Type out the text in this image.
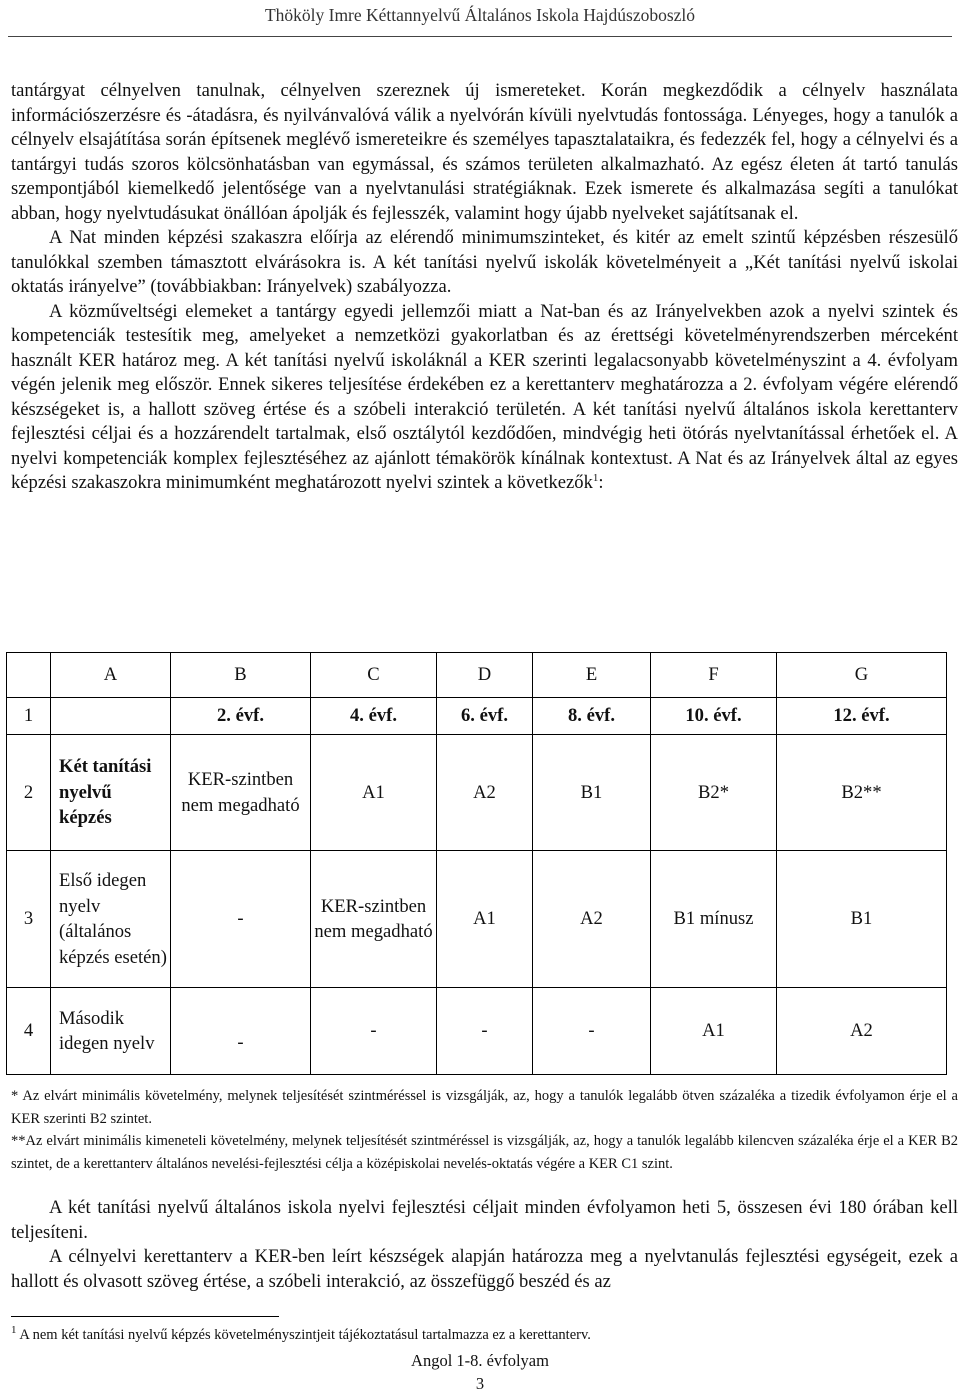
Thököly Imre Kéttannyelvű Általános Iskola Hajdúszoboszló

tantárgyat célnyelven tanulnak, célnyelven szereznek új ismereteket. Korán megkezdődik a célnyelv használata információszerzésre és -átadásra, és nyilvánvalóvá válik a nyelvórán kívüli nyelvtudás fontossága. Lényeges, hogy a tanulók a célnyelv elsajátítása során építsenek meglévő ismereteikre és személyes tapasztalataikra, és fedezzék fel, hogy a célnyelvi és a tantárgyi tudás szoros kölcsönhatásban van egymással, és számos területen alkalmazható. Az egész életen át tartó tanulás szempontjából kiemelkedő jelentősége van a nyelvtanulási stratégiáknak. Ezek ismerete és alkalmazása segíti a tanulókat abban, hogy nyelvtudásukat önállóan ápolják és fejlesszék, valamint hogy újabb nyelveket sajátítsanak el.

A Nat minden képzési szakaszra előírja az elérendő minimumszinteket, és kitér az emelt szintű képzésben részesülő tanulókkal szemben támasztott elvárásokra is. A két tanítási nyelvű iskolák követelményeit a „Két tanítási nyelvű iskolai oktatás irányelve” (továbbiakban: Irányelvek) szabályozza.

A közműveltségi elemeket a tantárgy egyedi jellemzői miatt a Nat-ban és az Irányelvekben azok a nyelvi szintek és kompetenciák testesítik meg, amelyeket a nemzetközi gyakorlatban és az érettségi követelményrendszerben mérceként használt KER határoz meg. A két tanítási nyelvű iskoláknál a KER szerinti legalacsonyabb követelményszint a 4. évfolyam végén jelenik meg először. Ennek sikeres teljesítése érdekében ez a kerettanterv meghatározza a 2. évfolyam végére elérendő készségeket is, a hallott szöveg értése és a szóbeli interakció területén. A két tanítási nyelvű általános iskola kerettanterv fejlesztési céljai és a hozzárendelt tartalmak, első osztálytól kezdődően, mindvégig heti ötórás nyelvtanítással érhetőek el. A nyelvi kompetenciák komplex fejlesztéséhez az ajánlott témakörök kínálnak kontextust. A Nat és az Irányelvek által az egyes képzési szakaszokra minimumként meghatározott nyelvi szintek a következők$^1$:

	A	B	C	D	E	F	G
1		2. évf.	4. évf.	6. évf.	8. évf.	10. évf.	12. évf.
2	Két tanítási nyelvű képzés	KER-szintben nem megadható	A1	A2	B1	B2*	B2**
3	Első idegen nyelv (általános képzés esetén)	-	KER-szintben nem megadható	A1	A2	B1 mínusz	B1
4	Második idegen nyelv	-	-	-	-	A1	A2

* Az elvárt minimális követelmény, melynek teljesítését szintméréssel is vizsgálják, az, hogy a tanulók legalább ötven százaléka a tizedik évfolyamon érje el a KER szerinti B2 szintet.

**Az elvárt minimális kimeneteli követelmény, melynek teljesítését szintméréssel is vizsgálják, az, hogy a tanulók legalább kilencven százaléka érje el a KER B2 szintet, de a kerettanterv általános nevelési-fejlesztési célja a középiskolai nevelés-oktatás végére a KER C1 szint.

A két tanítási nyelvű általános iskola nyelvi fejlesztési céljait minden évfolyamon heti 5, összesen évi 180 órában kell teljesíteni.

A célnyelvi kerettanterv a KER-ben leírt készségek alapján határozza meg a nyelvtanulás fejlesztési egységeit, ezek a hallott és olvasott szöveg értése, a szóbeli interakció, az összefüggő beszéd és az

$^1$ A nem két tanítási nyelvű képzés követelményszintjeit tájékoztatásul tartalmazza ez a kerettanterv.
Angol 1-8. évfolyam
3
